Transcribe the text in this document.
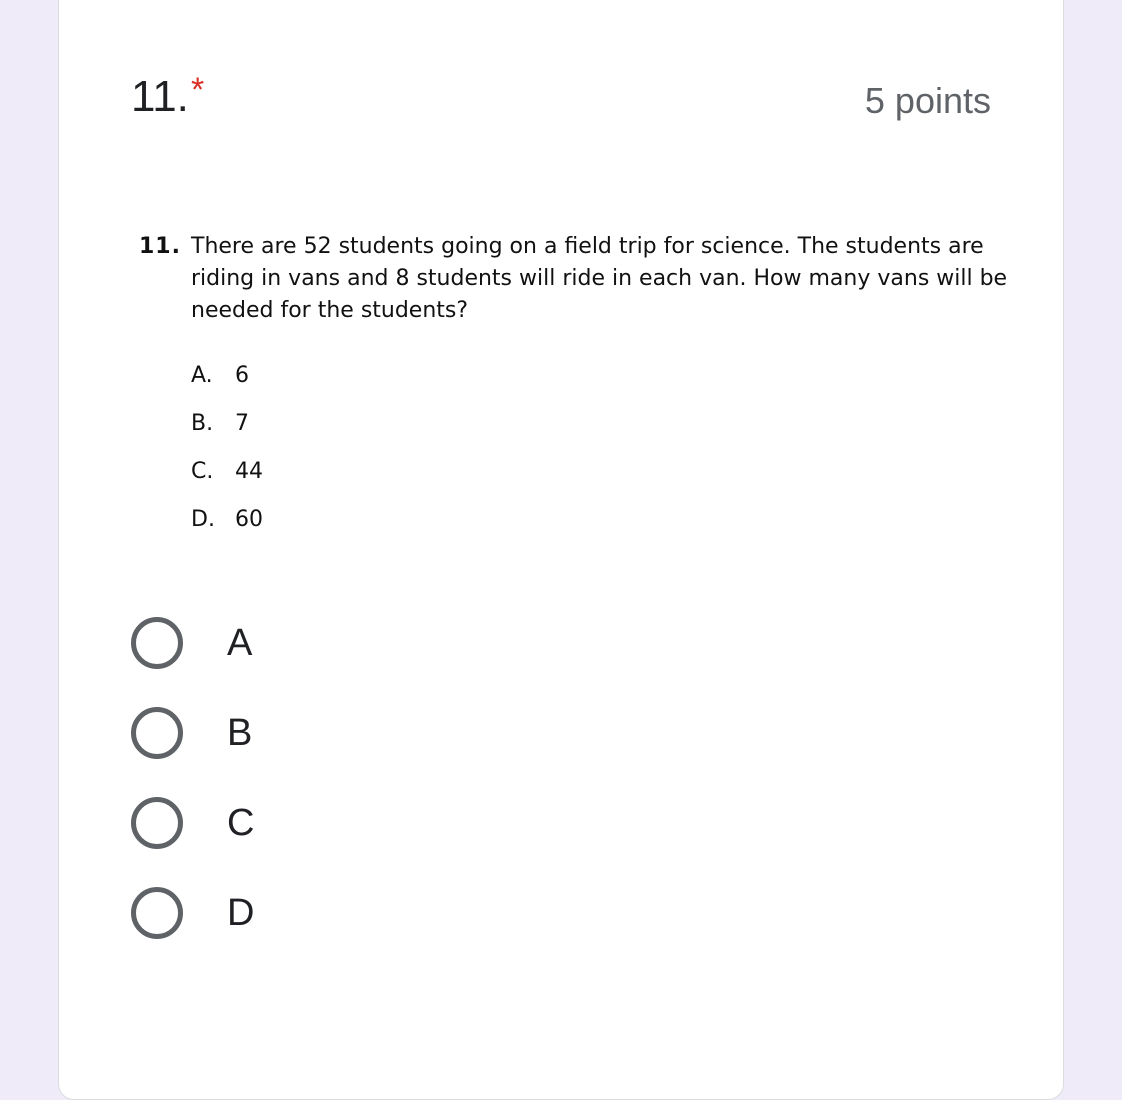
11. *	5 points
11. There are 52 students going on a field trip for science. The students are
riding in vans and 8 students will ride in each van. How many vans will be
needed for the students?
A.	6
B. 7
C. 44
D. 60
A
B
C
D
